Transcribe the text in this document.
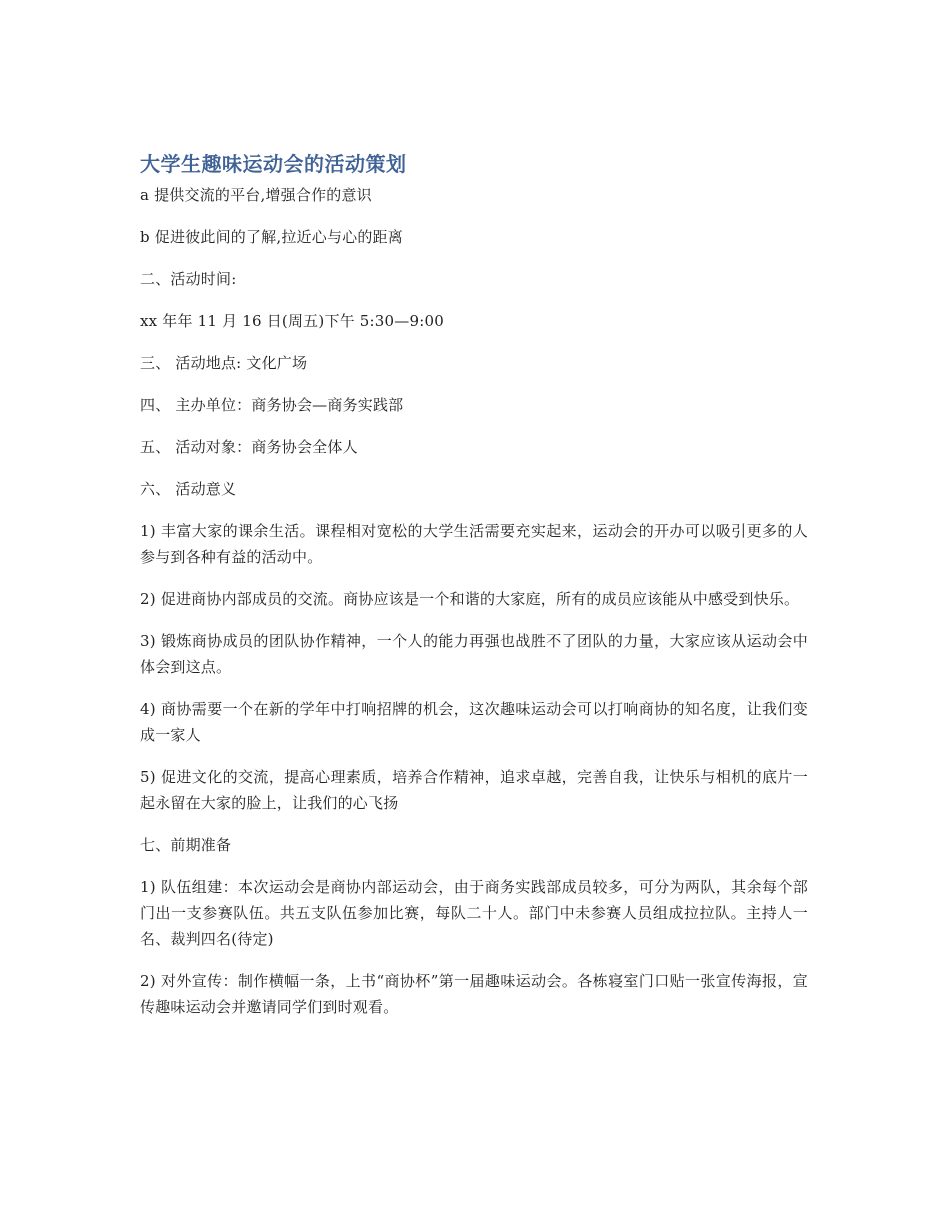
大学生趣味运动会的活动策划

a 提供交流的平台,增强合作的意识

b 促进彼此间的了解,拉近心与心的距离

二、活动时间:

xx 年年 11 月 16 日(周五)下午 5:30—9:00

三、 活动地点: 文化广场

四、 主办单位：商务协会—商务实践部

五、 活动对象：商务协会全体人

六、 活动意义

1) 丰富大家的课余生活。课程相对宽松的大学生活需要充实起来，运动会的开办可以吸引更多的人参与到各种有益的活动中。

2) 促进商协内部成员的交流。商协应该是一个和谐的大家庭，所有的成员应该能从中感受到快乐。

3) 锻炼商协成员的团队协作精神，一个人的能力再强也战胜不了团队的力量，大家应该从运动会中体会到这点。

4) 商协需要一个在新的学年中打响招牌的机会，这次趣味运动会可以打响商协的知名度，让我们变成一家人

5) 促进文化的交流，提高心理素质，培养合作精神，追求卓越，完善自我，让快乐与相机的底片一起永留在大家的脸上，让我们的心飞扬

七、前期准备

1) 队伍组建：本次运动会是商协内部运动会，由于商务实践部成员较多，可分为两队，其余每个部门出一支参赛队伍。共五支队伍参加比赛，每队二十人。部门中未参赛人员组成拉拉队。主持人一名、裁判四名(待定)

2) 对外宣传：制作横幅一条，上书“商协杯”第一届趣味运动会。各栋寝室门口贴一张宣传海报，宣传趣味运动会并邀请同学们到时观看。
